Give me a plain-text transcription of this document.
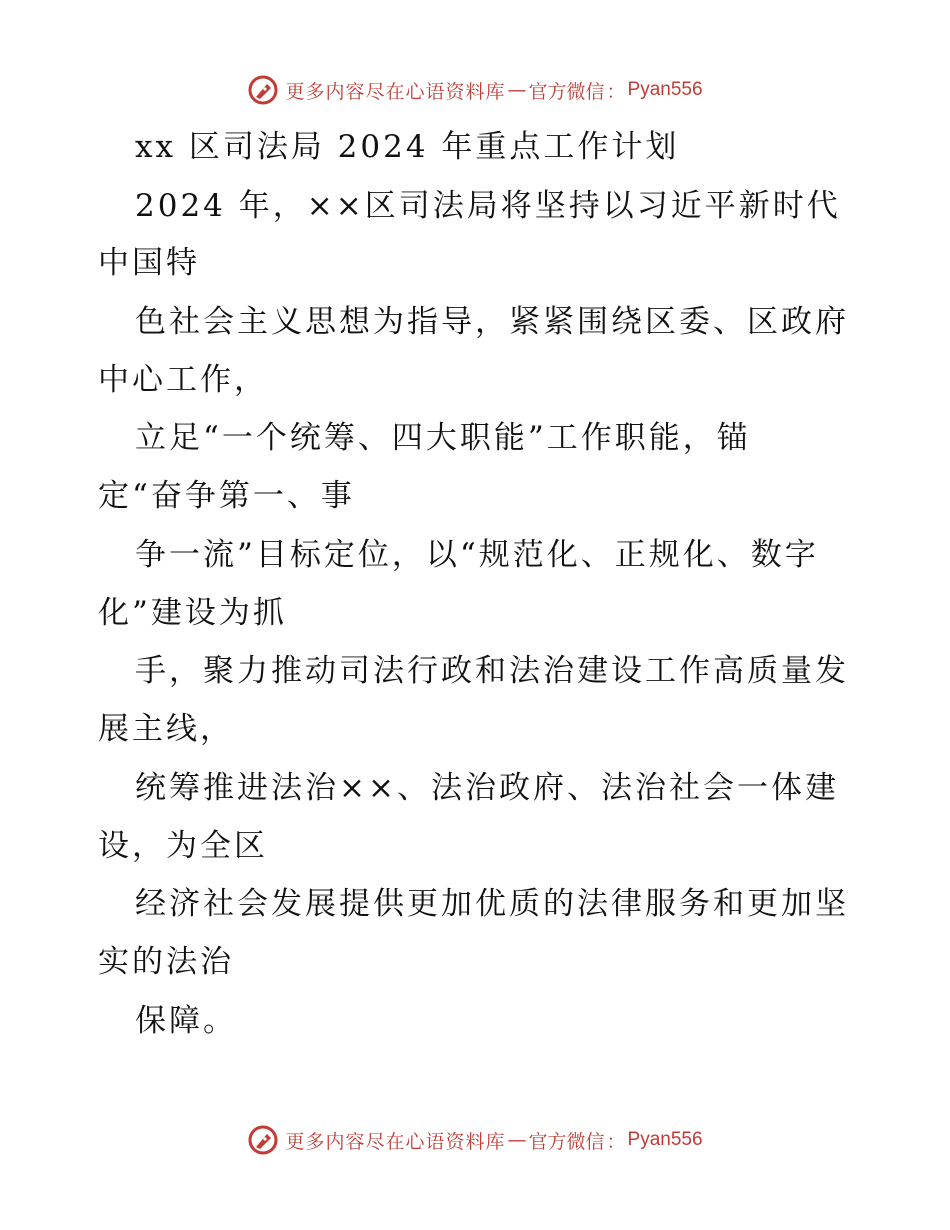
更多内容尽在心语资料库 — 官方微信 ： Pyan556
xx 区司法局 2024 年重点工作计划
2024 年，××区司法局将坚持以习近平新时代
中国特
色社会主义思想为指导，紧紧围绕区委、区政府
中心工作，
立足“一个统筹、四大职能”工作职能，锚
定“奋争第一、事
争一流”目标定位，以“规范化、正规化、数字
化”建设为抓
手，聚力推动司法行政和法治建设工作高质量发
展主线，
统筹推进法治××、法治政府、法治社会一体建
设，为全区
经济社会发展提供更加优质的法律服务和更加坚
实的法治
保障。
更多内容尽在心语资料库 — 官方微信 ： Pyan556
